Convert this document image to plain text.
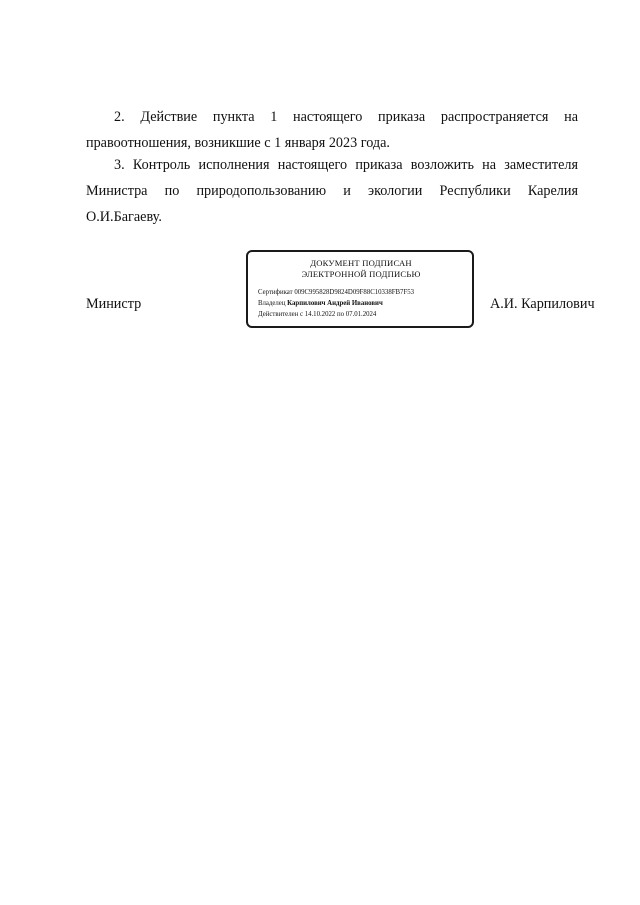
2. Действие пункта 1 настоящего приказа распространяется на
правоотношения, возникшие с 1 января 2023 года.
3. Контроль исполнения настоящего приказа возложить на заместителя
Министра по природопользованию и экологии Республики Карелия
О.И.Багаеву.

Министр

ДОКУМЕНТ ПОДПИСАН
ЭЛЕКТРОННОЙ ПОДПИСЬЮ
Сертификат 009C995828D9824D09F88C10338FB7F53
Владелец Карпилович Андрей Иванович
Действителен с 14.10.2022 по 07.01.2024

А.И. Карпилович
